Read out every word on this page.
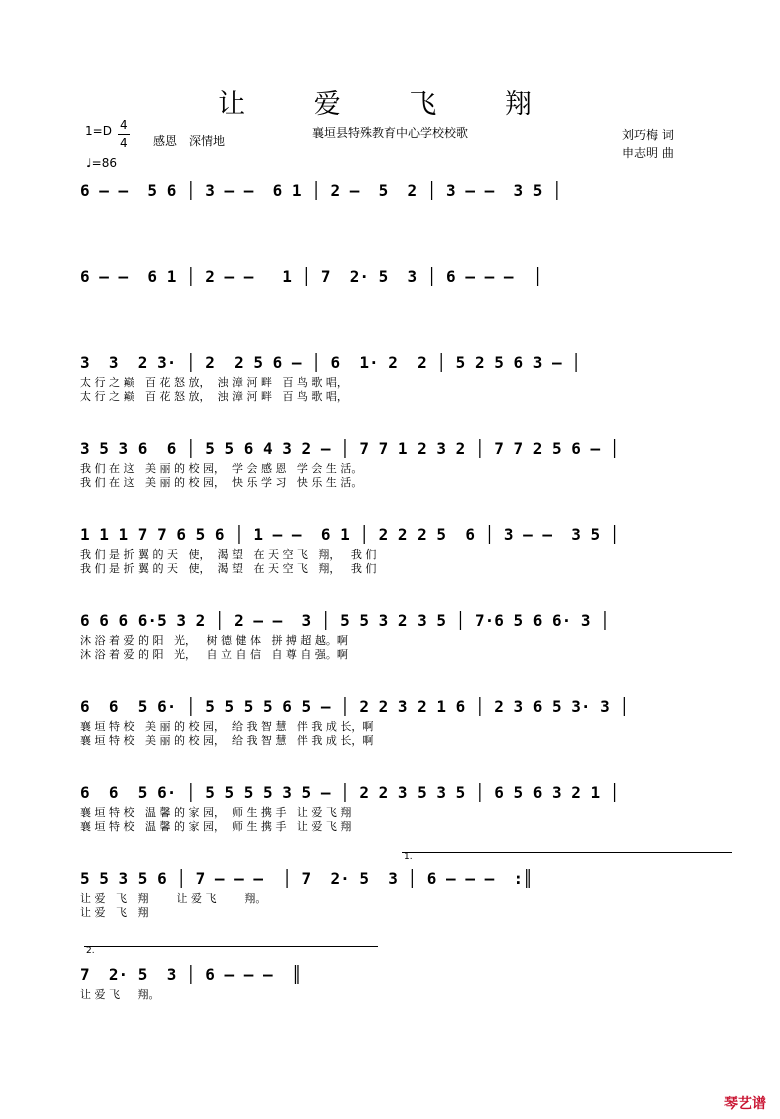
让 爱 飞 翔
1=D 4
4 感恩　深情地
♩=86
襄垣县特殊教育中心学校校歌	刘巧梅 词
申志明 曲
6 – –  5 6 │ 3 – –  6 1 │ 2 –  5  2 │ 3 – –  3 5 │
6 – –  6 1 │ 2 – –   1 │ 7  2· 5  3 │ 6 – – –  │
3  3  2 3· │ 2  2 5 6 – │ 6  1· 2  2 │ 5 2 5 6 3 – │
太 行 之 巅   百 花 怒 放，  浊 漳 河 畔   百 鸟 歌 唱，
太 行 之 巅   百 花 怒 放，  浊 漳 河 畔   百 鸟 歌 唱，
3 5 3 6  6 │ 5 5 6 4 3 2 – │ 7 7 1 2 3 2 │ 7 7 2 5 6 – │
我 们 在 这   美 丽 的 校 园，  学 会 感 恩   学 会 生 活。
我 们 在 这   美 丽 的 校 园，  快 乐 学 习   快 乐 生 活。
1 1 1 7 7 6 5 6 │ 1 – –  6 1 │ 2 2 2 5  6 │ 3 – –  3 5 │
我 们 是 折 翼 的 天   使，  渴 望   在 天 空 飞   翔，   我 们
我 们 是 折 翼 的 天   使，  渴 望   在 天 空 飞   翔，   我 们
6 6 6 6·5 3 2 │ 2 – –  3 │ 5 5 3 2 3 5 │ 7·6 5 6 6· 3 │
沐 浴 着 爱 的 阳   光，   树 德 健 体   拼 搏 超 越。啊
沐 浴 着 爱 的 阳   光，   自 立 自 信   自 尊 自 强。啊
6  6  5 6· │ 5 5 5 5 6 5 – │ 2 2 3 2 1 6 │ 2 3 6 5 3· 3 │
襄 垣 特 校   美 丽 的 校 园，  给 我 智 慧   伴 我 成 长，啊
襄 垣 特 校   美 丽 的 校 园，  给 我 智 慧   伴 我 成 长，啊
6  6  5 6· │ 5 5 5 5 3 5 – │ 2 2 3 5 3 5 │ 6 5 6 3 2 1 │
襄 垣 特 校   温 馨 的 家 园，  师 生 携 手   让 爱 飞 翔
襄 垣 特 校   温 馨 的 家 园，  师 生 携 手   让 爱 飞 翔
5 5 3 5 6 │ 7 – – –  │ 7  2· 5  3 │ 6 – – –  :║
让 爱   飞   翔        让 爱 飞        翔。
让 爱   飞   翔
7  2· 5  3 │ 6 – – –  ║
让 爱 飞     翔。
1.
2.
琴艺谱
